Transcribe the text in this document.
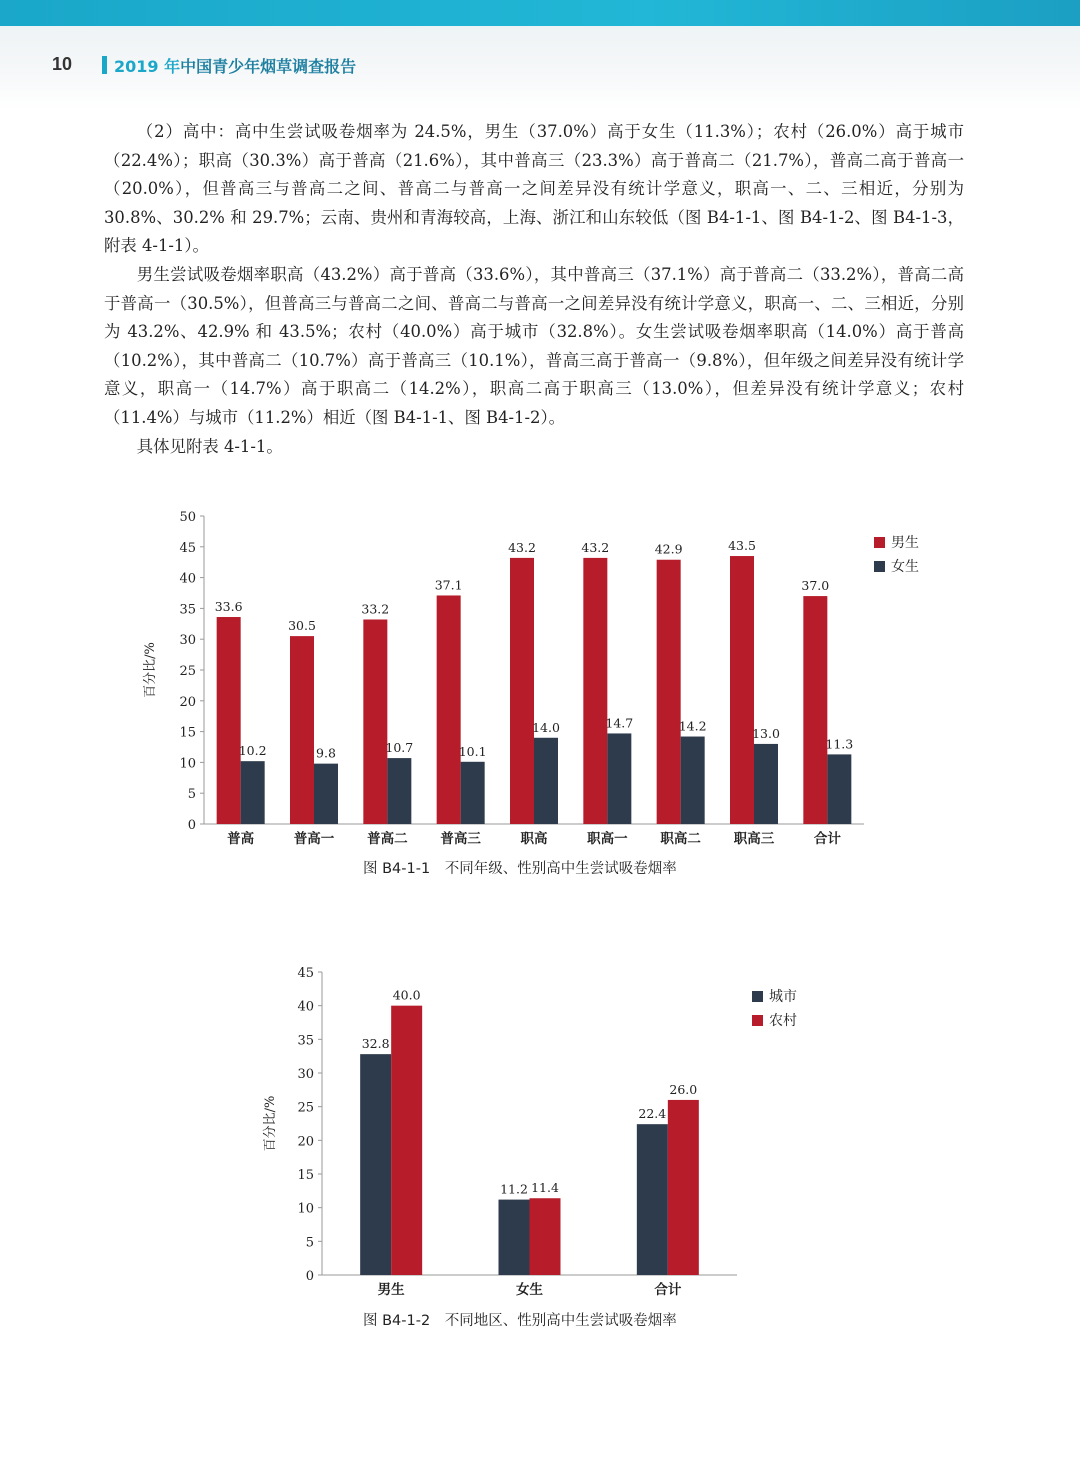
10	2019 年中国青少年烟草调查报告

（2）高中：高中生尝试吸卷烟率为 24.5%，男生（37.0%）高于女生（11.3%）；农村（26.0%）高于城市（22.4%）；职高（30.3%）高于普高（21.6%），其中普高三（23.3%）高于普高二（21.7%），普高二高于普高一（20.0%），但普高三与普高二之间、普高二与普高一之间差异没有统计学意义，职高一、二、三相近，分别为 30.8%、30.2% 和 29.7%；云南、贵州和青海较高，上海、浙江和山东较低（图 B4-1-1、图 B4-1-2、图 B4-1-3，附表 4-1-1）。

男生尝试吸卷烟率职高（43.2%）高于普高（33.6%），其中普高三（37.1%）高于普高二（33.2%），普高二高于普高一（30.5%），但普高三与普高二之间、普高二与普高一之间差异没有统计学意义，职高一、二、三相近，分别为 43.2%、42.9% 和 43.5%；农村（40.0%）高于城市（32.8%）。女生尝试吸卷烟率职高（14.0%）高于普高（10.2%），其中普高二（10.7%）高于普高三（10.1%），普高三高于普高一（9.8%），但年级之间差异没有统计学意义，职高一（14.7%）高于职高二（14.2%），职高二高于职高三（13.0%），但差异没有统计学意义；农村（11.4%）与城市（11.2%）相近（图 B4-1-1、图 B4-1-2）。

具体见附表 4-1-1。

0
5
10
15
20
25
30
35
40
45
50
百分比/%
33.6
10.2
普高
30.5
9.8
普高一
33.2
10.7
普高二
37.1
10.1
普高三
43.2
14.0
职高
43.2
14.7
职高一
42.9
14.2
职高二
43.5
13.0
职高三
37.0
11.3
合计
男生
女生
图 B4-1-1　不同年级、性别高中生尝试吸卷烟率
0
5
10
15
20
25
30
35
40
45
百分比/%
32.8
40.0
男生
11.2 11.4
女生
22.4
26.0
合计
城市
农村
图 B4-1-2　不同地区、性别高中生尝试吸卷烟率
